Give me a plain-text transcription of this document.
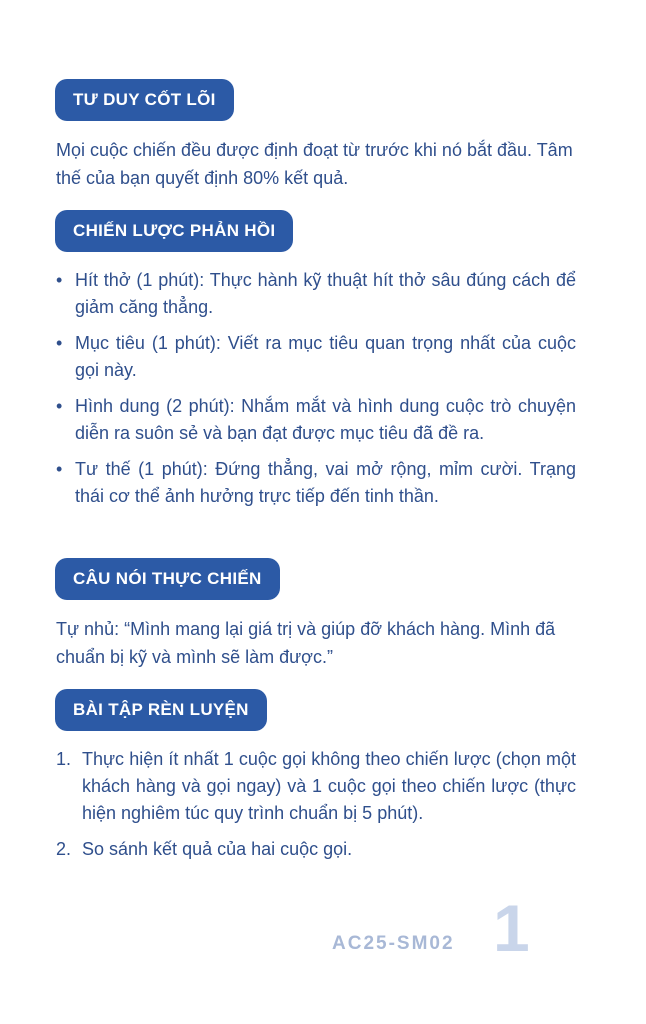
TƯ DUY CỐT LÕI

Mọi cuộc chiến đều được định đoạt từ trước khi nó bắt đầu. Tâm thế của bạn quyết định 80% kết quả.

CHIẾN LƯỢC PHẢN HỒI
• Hít thở (1 phút): Thực hành kỹ thuật hít thở sâu đúng cách để giảm căng thẳng.
• Mục tiêu (1 phút): Viết ra mục tiêu quan trọng nhất của cuộc gọi này.
• Hình dung (2 phút): Nhắm mắt và hình dung cuộc trò chuyện diễn ra suôn sẻ và bạn đạt được mục tiêu đã đề ra.
• Tư thế (1 phút): Đứng thẳng, vai mở rộng, mỉm cười. Trạng thái cơ thể ảnh hưởng trực tiếp đến tinh thần.
CÂU NÓI THỰC CHIẾN

Tự nhủ: “Mình mang lại giá trị và giúp đỡ khách hàng. Mình đã chuẩn bị kỹ và mình sẽ làm được.”

BÀI TẬP RÈN LUYỆN
1. Thực hiện ít nhất 1 cuộc gọi không theo chiến lược (chọn một khách hàng và gọi ngay) và 1 cuộc gọi theo chiến lược (thực hiện nghiêm túc quy trình chuẩn bị 5 phút).
2. So sánh kết quả của hai cuộc gọi.
AC25-SM02 1
